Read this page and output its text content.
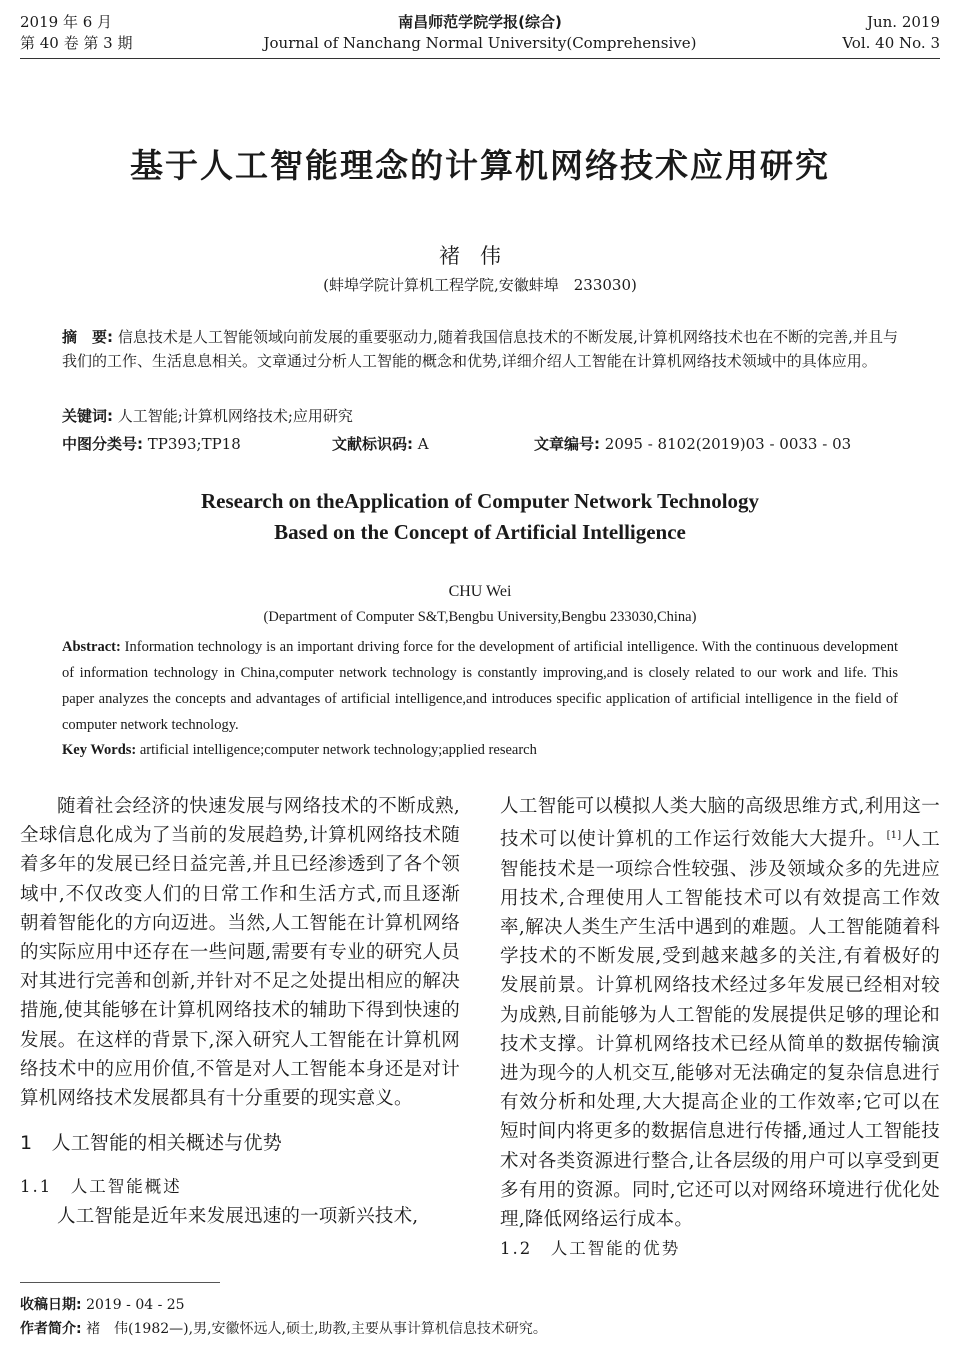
2019 年 6 月
第 40 卷 第 3 期
南昌师范学院学报(综合)
Journal of Nanchang Normal University(Comprehensive)
Jun. 2019
Vol. 40 No. 3
基于人工智能理念的计算机网络技术应用研究
褚伟
(蚌埠学院计算机工程学院,安徽蚌埠　233030)
摘　要: 信息技术是人工智能领域向前发展的重要驱动力,随着我国信息技术的不断发展,计算机网络技术也在不断的完善,并且与我们的工作、生活息息相关。文章通过分析人工智能的概念和优势,详细介绍人工智能在计算机网络技术领域中的具体应用。
关键词: 人工智能;计算机网络技术;应用研究
中图分类号: TP393;TP18	文献标识码: A	文章编号: 2095 - 8102(2019)03 - 0033 - 03
Research on theApplication of Computer Network Technology
Based on the Concept of Artificial Intelligence
CHU Wei
(Department of Computer S&T,Bengbu University,Bengbu 233030,China)
Abstract: Information technology is an important driving force for the development of artificial intelligence. With the continuous development of information technology in China,computer network technology is constantly improving,and is closely related to our work and life. This paper analyzes the concepts and advantages of artificial intelligence,and introduces specific application of artificial intelligence in the field of computer network technology.
Key Words: artificial intelligence;computer network technology;applied research

随着社会经济的快速发展与网络技术的不断成熟,全球信息化成为了当前的发展趋势,计算机网络技术随着多年的发展已经日益完善,并且已经渗透到了各个领域中,不仅改变人们的日常工作和生活方式,而且逐渐朝着智能化的方向迈进。当然,人工智能在计算机网络的实际应用中还存在一些问题,需要有专业的研究人员对其进行完善和创新,并针对不足之处提出相应的解决措施,使其能够在计算机网络技术的辅助下得到快速的发展。在这样的背景下,深入研究人工智能在计算机网络技术中的应用价值,不管是对人工智能本身还是对计算机网络技术发展都具有十分重要的现实意义。

1　人工智能的相关概述与优势
1.1　人工智能概述

人工智能是近年来发展迅速的一项新兴技术,

人工智能可以模拟人类大脑的高级思维方式,利用这一技术可以使计算机的工作运行效能大大提升。[1]人工智能技术是一项综合性较强、涉及领域众多的先进应用技术,合理使用人工智能技术可以有效提高工作效率,解决人类生产生活中遇到的难题。人工智能随着科学技术的不断发展,受到越来越多的关注,有着极好的发展前景。计算机网络技术经过多年发展已经相对较为成熟,目前能够为人工智能的发展提供足够的理论和技术支撑。计算机网络技术已经从简单的数据传输演进为现今的人机交互,能够对无法确定的复杂信息进行有效分析和处理,大大提高企业的工作效率;它可以在短时间内将更多的数据信息进行传播,通过人工智能技术对各类资源进行整合,让各层级的用户可以享受到更多有用的资源。同时,它还可以对网络环境进行优化处理,降低网络运行成本。

1.2　人工智能的优势
收稿日期: 2019 - 04 - 25
作者简介: 褚　伟(1982—),男,安徽怀远人,硕士,助教,主要从事计算机信息技术研究。
